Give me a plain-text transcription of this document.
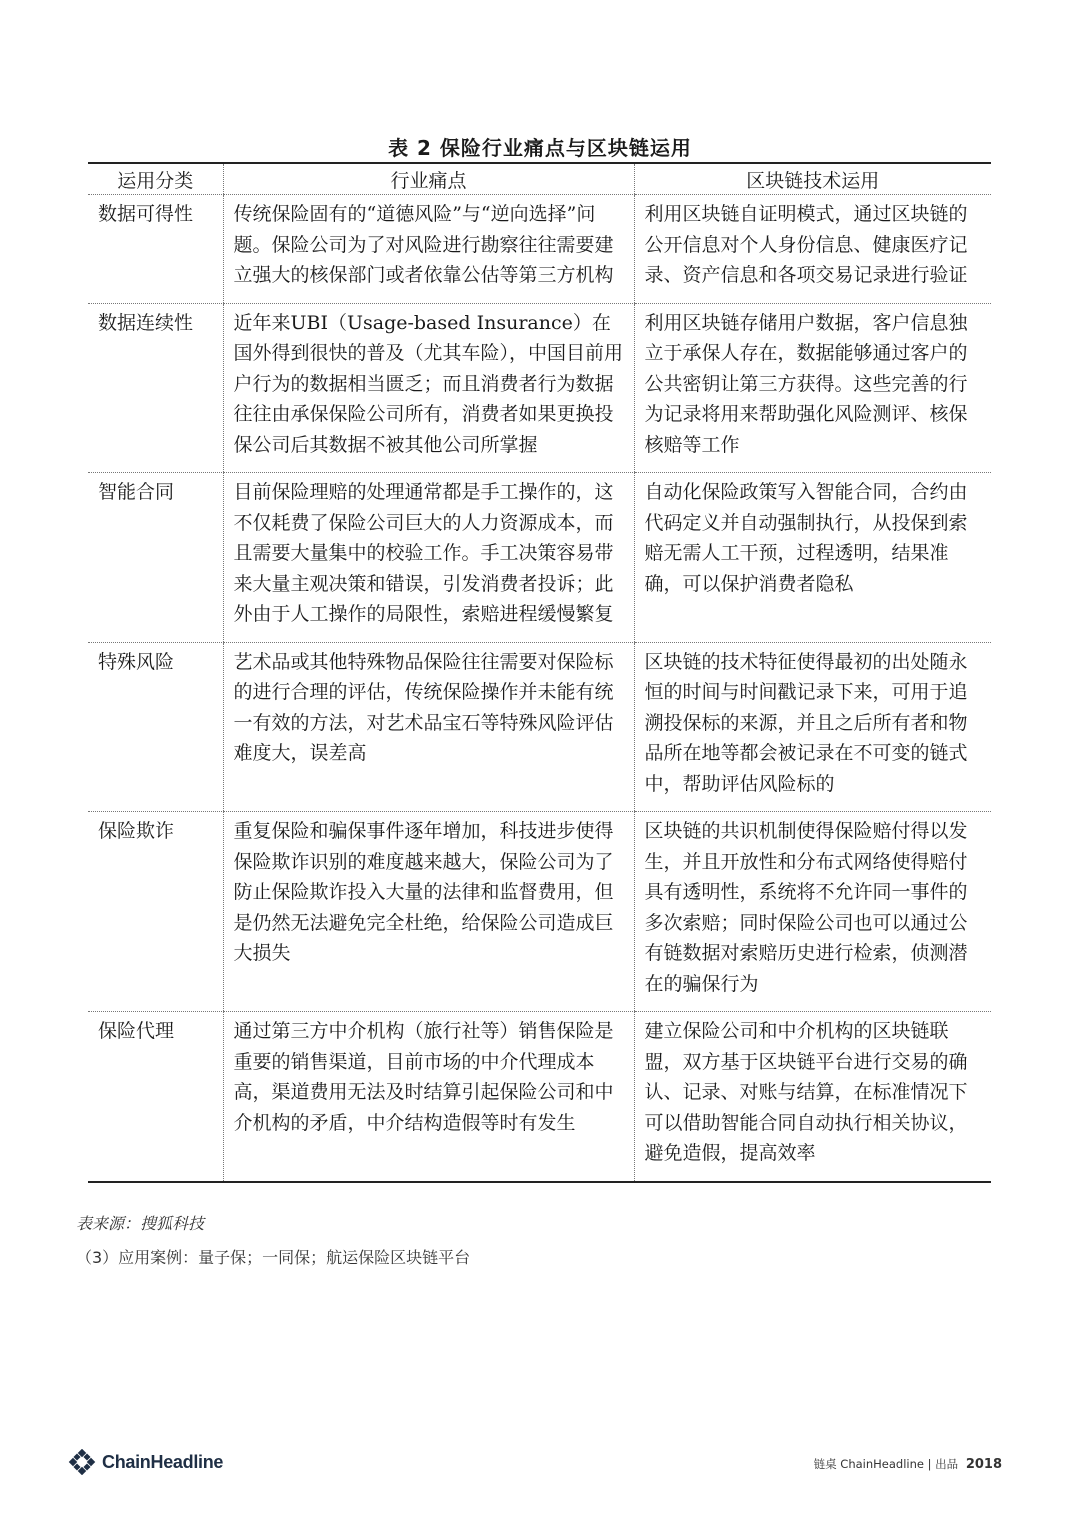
表 2 保险行业痛点与区块链运用
运用分类	行业痛点	区块链技术运用
数据可得性	传统保险固有的“道德风险”与“逆向选择”问题。保险公司为了对风险进行勘察往往需要建立强大的核保部门或者依靠公估等第三方机构	利用区块链自证明模式，通过区块链的公开信息对个人身份信息、健康医疗记录、资产信息和各项交易记录进行验证
数据连续性	近年来UBI（Usage-based Insurance）在国外得到很快的普及（尤其车险），中国目前用户行为的数据相当匮乏；而且消费者行为数据往往由承保保险公司所有，消费者如果更换投保公司后其数据不被其他公司所掌握	利用区块链存储用户数据，客户信息独立于承保人存在，数据能够通过客户的公共密钥让第三方获得。这些完善的行为记录将用来帮助强化风险测评、核保核赔等工作
智能合同	目前保险理赔的处理通常都是手工操作的，这不仅耗费了保险公司巨大的人力资源成本，而且需要大量集中的校验工作。手工决策容易带来大量主观决策和错误，引发消费者投诉；此外由于人工操作的局限性，索赔进程缓慢繁复	自动化保险政策写入智能合同，合约由代码定义并自动强制执行，从投保到索赔无需人工干预，过程透明，结果准确，可以保护消费者隐私
特殊风险	艺术品或其他特殊物品保险往往需要对保险标的进行合理的评估，传统保险操作并未能有统一有效的方法，对艺术品宝石等特殊风险评估难度大，误差高	区块链的技术特征使得最初的出处随永恒的时间与时间戳记录下来，可用于追溯投保标的来源，并且之后所有者和物品所在地等都会被记录在不可变的链式中，帮助评估风险标的
保险欺诈	重复保险和骗保事件逐年增加，科技进步使得保险欺诈识别的难度越来越大，保险公司为了防止保险欺诈投入大量的法律和监督费用，但是仍然无法避免完全杜绝，给保险公司造成巨大损失	区块链的共识机制使得保险赔付得以发生，并且开放性和分布式网络使得赔付具有透明性，系统将不允许同一事件的多次索赔；同时保险公司也可以通过公有链数据对索赔历史进行检索，侦测潜在的骗保行为
保险代理	通过第三方中介机构（旅行社等）销售保险是重要的销售渠道，目前市场的中介代理成本高，渠道费用无法及时结算引起保险公司和中介机构的矛盾，中介结构造假等时有发生	建立保险公司和中介机构的区块链联盟，双方基于区块链平台进行交易的确认、记录、对账与结算，在标准情况下可以借助智能合同自动执行相关协议，避免造假，提高效率
表来源：搜狐科技
（3）应用案例：量子保；一同保；航运保险区块链平台
ChainHeadline	链桌 ChainHeadline | 出品 2018
